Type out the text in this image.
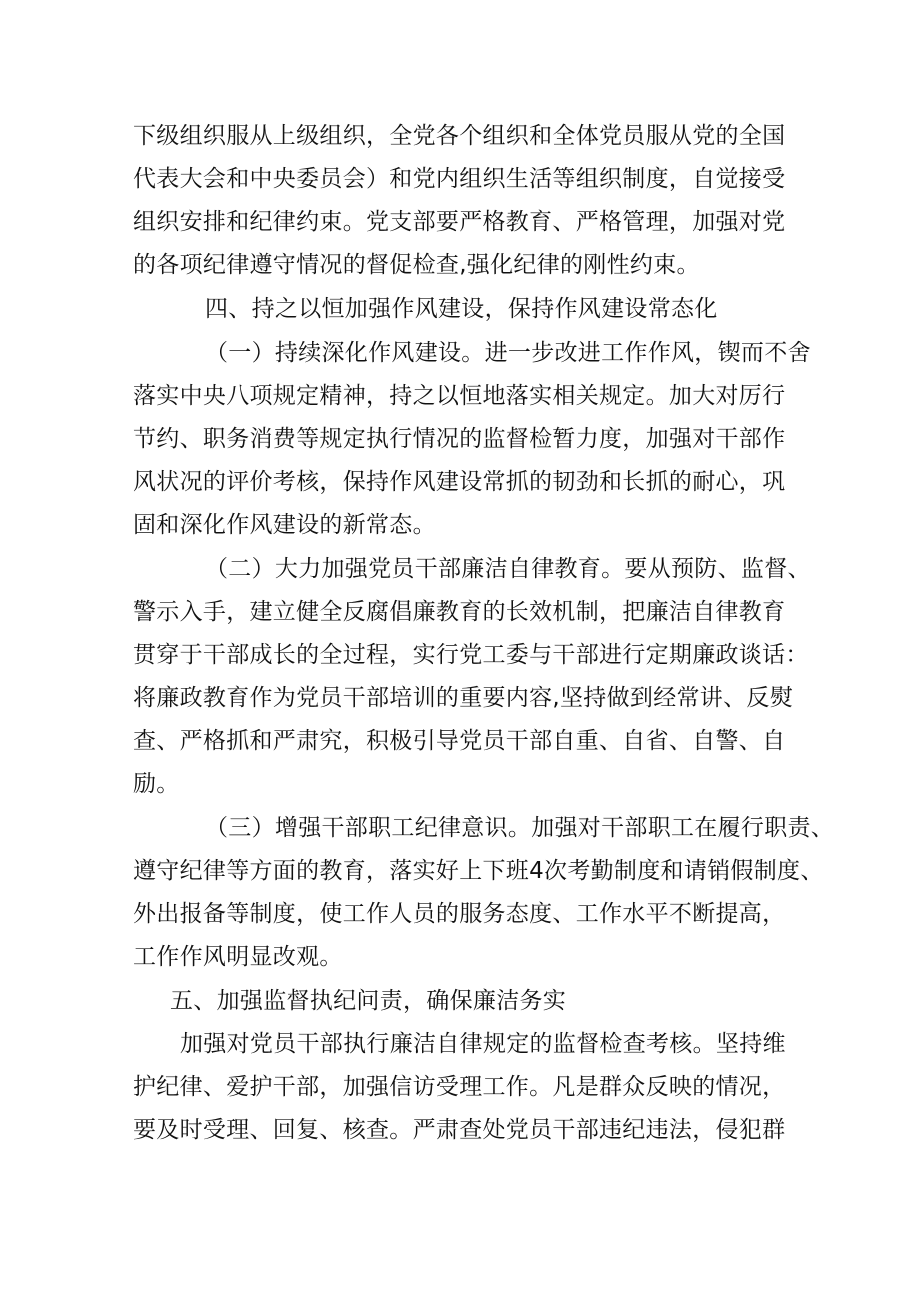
下级组织服从上级组织，全党各个组织和全体党员服从党的全国
代表大会和中央委员会）和党内组织生活等组织制度，自觉接受
组织安排和纪律约束。党支部要严格教育、严格管理，加强对党
的各项纪律遵守情况的督促检查,强化纪律的刚性约束。
四、持之以恒加强作风建设，保持作风建设常态化
（一）持续深化作风建设。进一步改进工作作风，锲而不舍
落实中央八项规定精神，持之以恒地落实相关规定。加大对厉行
节约、职务消费等规定执行情况的监督检暂力度，加强对干部作
风状况的评价考核，保持作风建设常抓的韧劲和长抓的耐心，巩
固和深化作风建设的新常态。
（二）大力加强党员干部廉洁自律教育。要从预防、监督、
警示入手，建立健全反腐倡廉教育的长效机制，把廉洁自律教育
贯穿于干部成长的全过程，实行党工委与干部进行定期廉政谈话：
将廉政教育作为党员干部培训的重要内容,坚持做到经常讲、反熨
查、严格抓和严肃究，积极引导党员干部自重、自省、自警、自
励。
（三）增强干部职工纪律意识。加强对干部职工在履行职责、
遵守纪律等方面的教育，落实好上下班4次考勤制度和请销假制度、
外出报备等制度，使工作人员的服务态度、工作水平不断提高，
工作作风明显改观。
五、加强监督执纪问责，确保廉洁务实
加强对党员干部执行廉洁自律规定的监督检查考核。坚持维
护纪律、爱护干部，加强信访受理工作。凡是群众反映的情况，
要及时受理、回复、核查。严肃查处党员干部违纪违法，侵犯群
